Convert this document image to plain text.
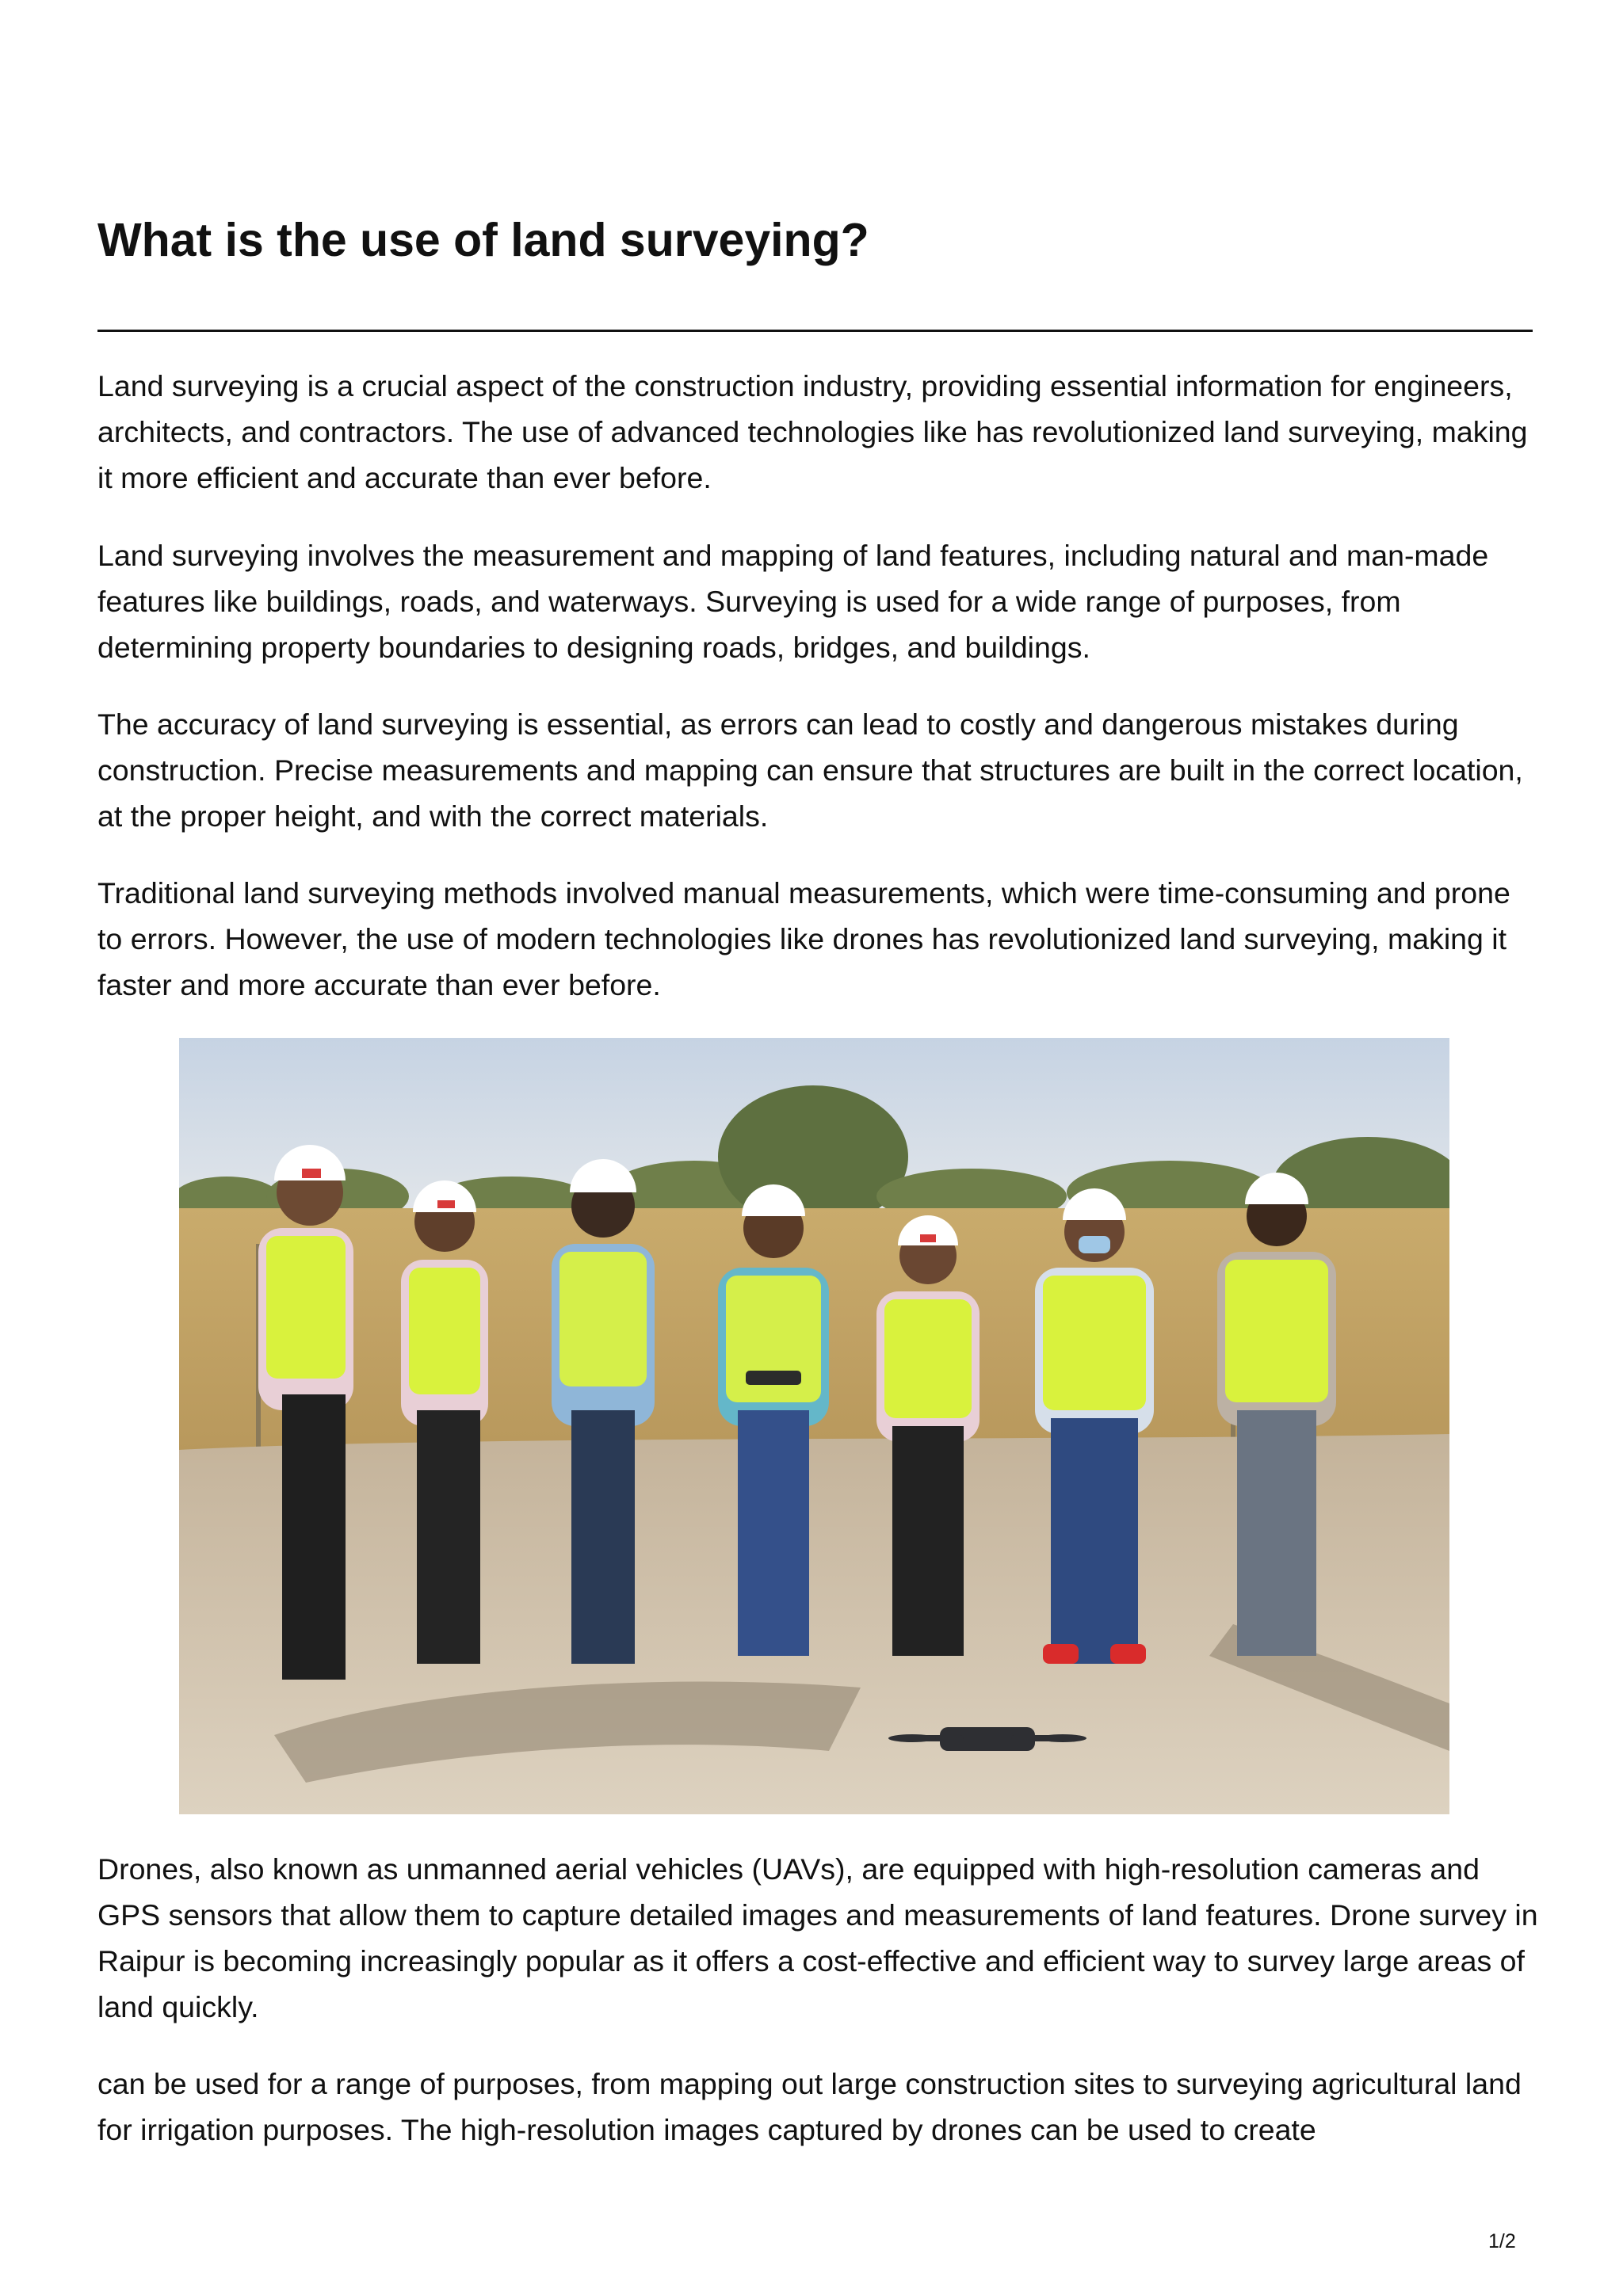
What is the use of land surveying?

Land surveying is a crucial aspect of the construction industry, providing essential information for engineers, architects, and contractors. The use of advanced technologies like has revolutionized land surveying, making it more efficient and accurate than ever before.

Land surveying involves the measurement and mapping of land features, including natural and man-made features like buildings, roads, and waterways. Surveying is used for a wide range of purposes, from determining property boundaries to designing roads, bridges, and buildings.

The accuracy of land surveying is essential, as errors can lead to costly and dangerous mistakes during construction. Precise measurements and mapping can ensure that structures are built in the correct location, at the proper height, and with the correct materials.

Traditional land surveying methods involved manual measurements, which were time-consuming and prone to errors. However, the use of modern technologies like drones has revolutionized land surveying, making it faster and more accurate than ever before.

Drones, also known as unmanned aerial vehicles (UAVs), are equipped with high-resolution cameras and GPS sensors that allow them to capture detailed images and measurements of land features. Drone survey in Raipur is becoming increasingly popular as it offers a cost-effective and efficient way to survey large areas of land quickly.

can be used for a range of purposes, from mapping out large construction sites to surveying agricultural land for irrigation purposes. The high-resolution images captured by drones can be used to create

1/2
